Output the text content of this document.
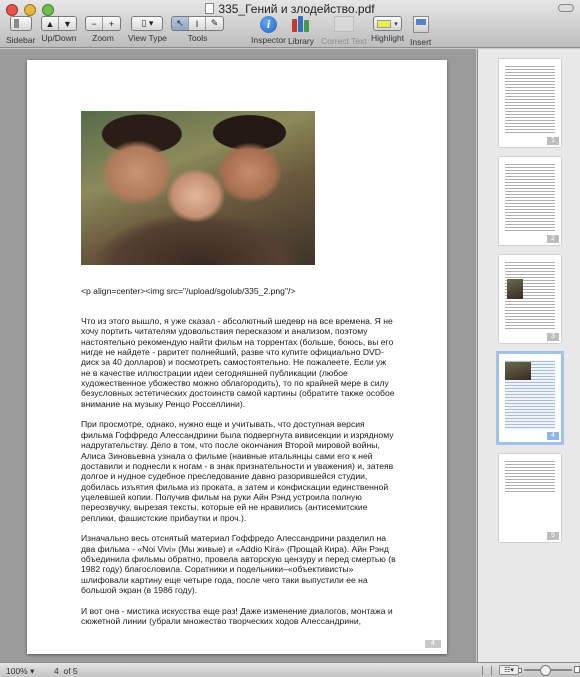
335_Гений и злодейство.pdf
Sidebar
▲ ▼
Up/Down
−	+
Zoom
▯ ▾
View Type
↖	I	✎
Tools
i
Inspector Library Correct Text
▾
Highlight Insert
<p align=center><img src="/upload/sgolub/335_2.png"/>

Что из этого вышло, я уже сказал - абсолютный шедевр на все времена. Я не хочу портить читателям удовольствия пересказом и анализом, поэтому настоятельно рекомендую найти фильм на торрентах (больше, боюсь, вы его нигде не найдете - раритет полнейший, разве что купите официально DVD-диск за 40 долларов) и посмотреть самостоятельно. Не пожалеете. Если уж не в качестве иллюстрации идеи сегодняшней публикации (любое художественное убожество можно облагородить), то по крайней мере в силу безусловных эстетических достоинств самой картины (обратите также особое внимание на музыку Ренцо Росселлини).

При просмотре, однако, нужно еще и учитывать, что доступная версия фильма Гоффредо Алессандрини была подвергнута вивисекции и изрядному надругательству. Дело в том, что после окончания Второй мировой войны, Алиса Зиновьевна узнала о фильме (наивные итальянцы сами его к ней доставили и поднесли к ногам - в знак признательности и уважения) и, затеяв долгое и нудное судебное преследование давно разорившейся студии, добилась изъятия фильма из проката, а затем и конфискации единственной уцелевшей копии. Получив фильм на руки Айн Рэнд устроила полную переозвучку, вырезая тексты, которые ей не нравились (антисемитские реплики, фашистские прибаутки и проч.).

Изначально весь отснятый материал Гоффредо Алессандрини разделил на два фильма - «Noi Vivi» (Мы живые) и «Addio Kira» (Прощай Кира). Айн Рэнд объединила фильмы обратно, провела авторскую цензуру и перед смертью (в 1982 году) благословила. Соратники и подельники–«объективисты» шлифовали картину еще четыре года, после чего таки выпустили ее на большой экран (в 1986 году).

И вот она - мистика искусства еще раз! Даже изменение диалогов, монтажа и сюжетной линии (убрали множество творческих ходов Алессандрини,

4
1
2
3
4
5
100% ▾ 4 of 5	☷▾
